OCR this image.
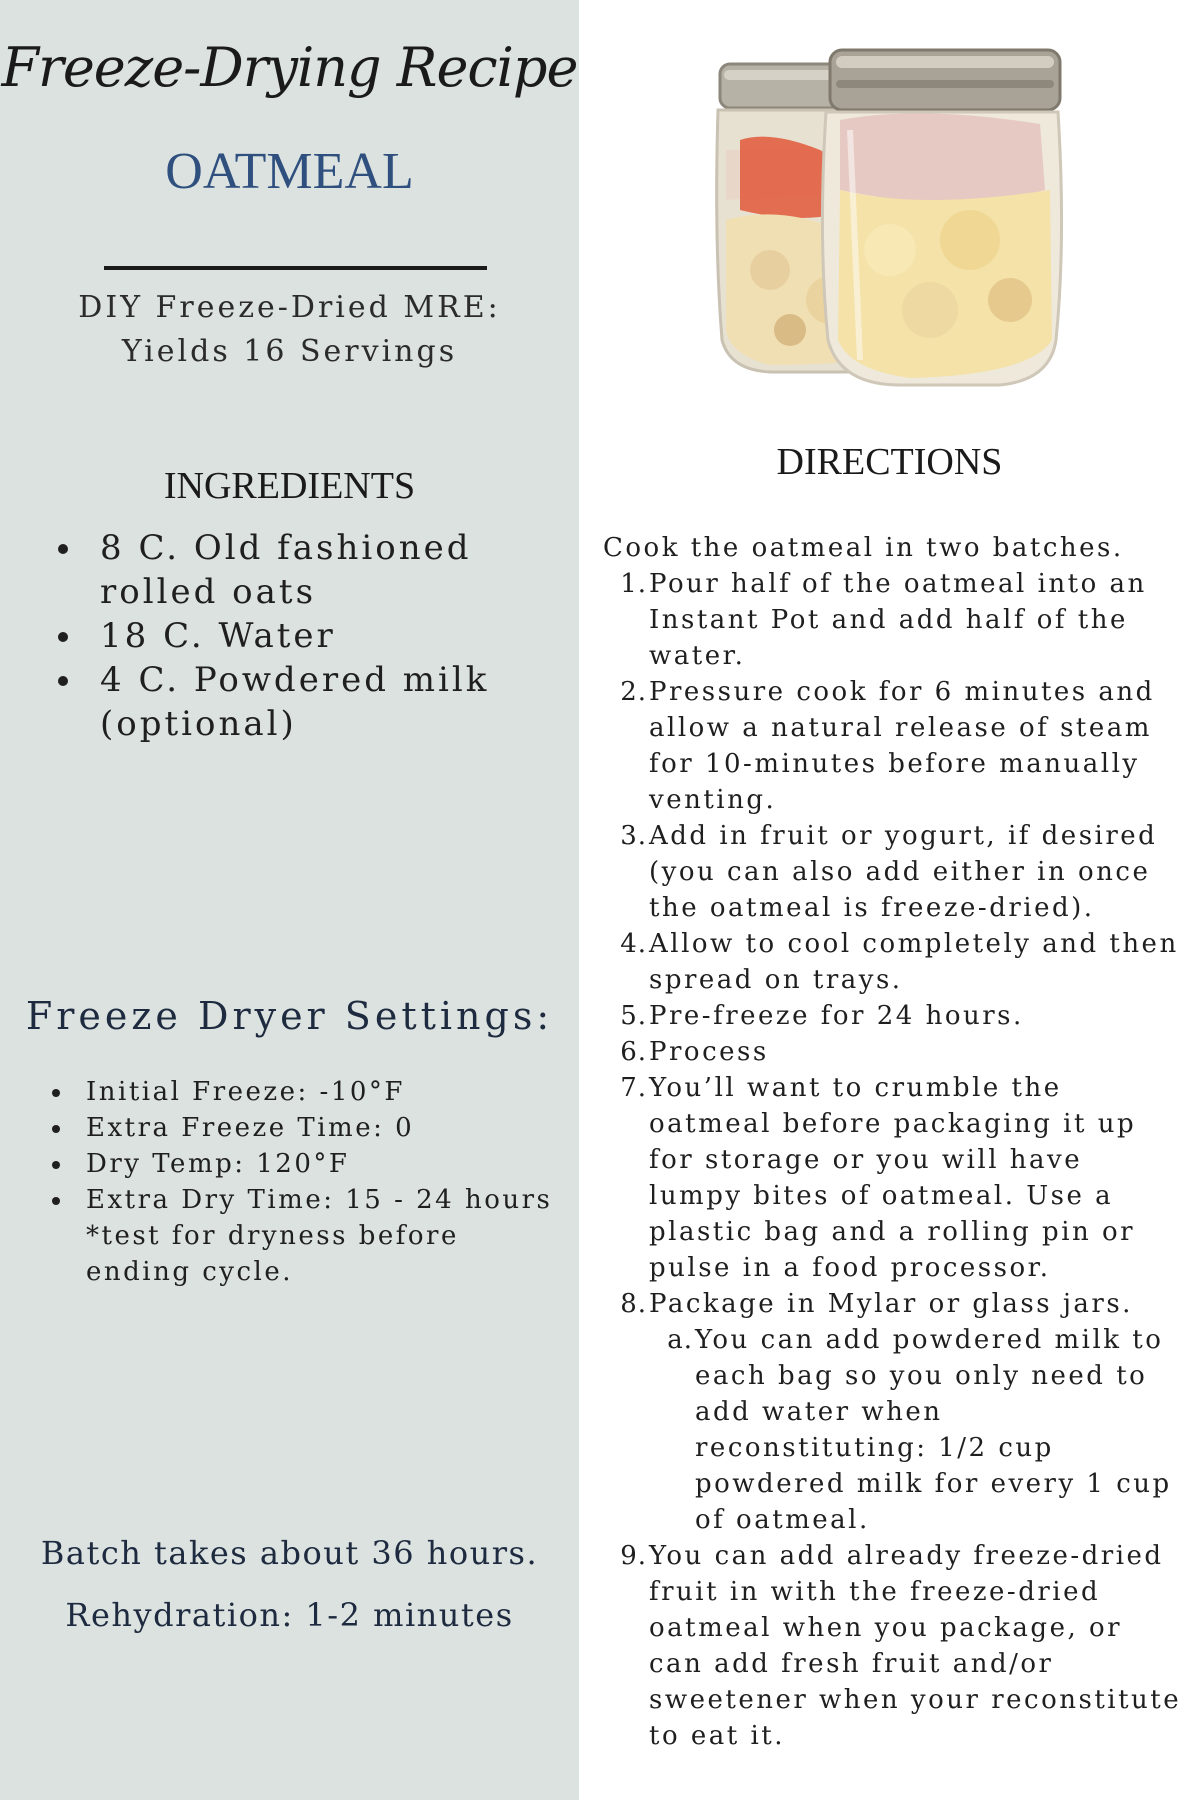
Freeze-Drying Recipe
OATMEAL
DIY Freeze-Dried MRE:
Yields 16 Servings
INGREDIENTS
8 C. Old fashioned rolled oats
18 C. Water
4 C. Powdered milk (optional)
Freeze Dryer Settings:
Initial Freeze: -10°F
Extra Freeze Time: 0
Dry Temp: 120°F
Extra Dry Time: 15 - 24 hours *test for dryness before ending cycle.
Batch takes about 36 hours.
Rehydration: 1-2 minutes
DIRECTIONS
Cook the oatmeal in two batches.
1. Pour half of the oatmeal into an Instant Pot and add half of the water.
2. Pressure cook for 6 minutes and allow a natural release of steam for 10-minutes before manually venting.
3. Add in fruit or yogurt, if desired (you can also add either in once the oatmeal is freeze-dried).
4. Allow to cool completely and then spread on trays.
5. Pre-freeze for 24 hours.
6. Process
7. You’ll want to crumble the oatmeal before packaging it up for storage or you will have lumpy bites of oatmeal. Use a plastic bag and a rolling pin or pulse in a food processor.
8. Package in Mylar or glass jars.
a. You can add powdered milk to each bag so you only need to add water when reconstituting: 1/2 cup powdered milk for every 1 cup of oatmeal.
9. You can add already freeze-dried fruit in with the freeze-dried oatmeal when you package, or can add fresh fruit and/or sweetener when your reconstitute to eat it.
